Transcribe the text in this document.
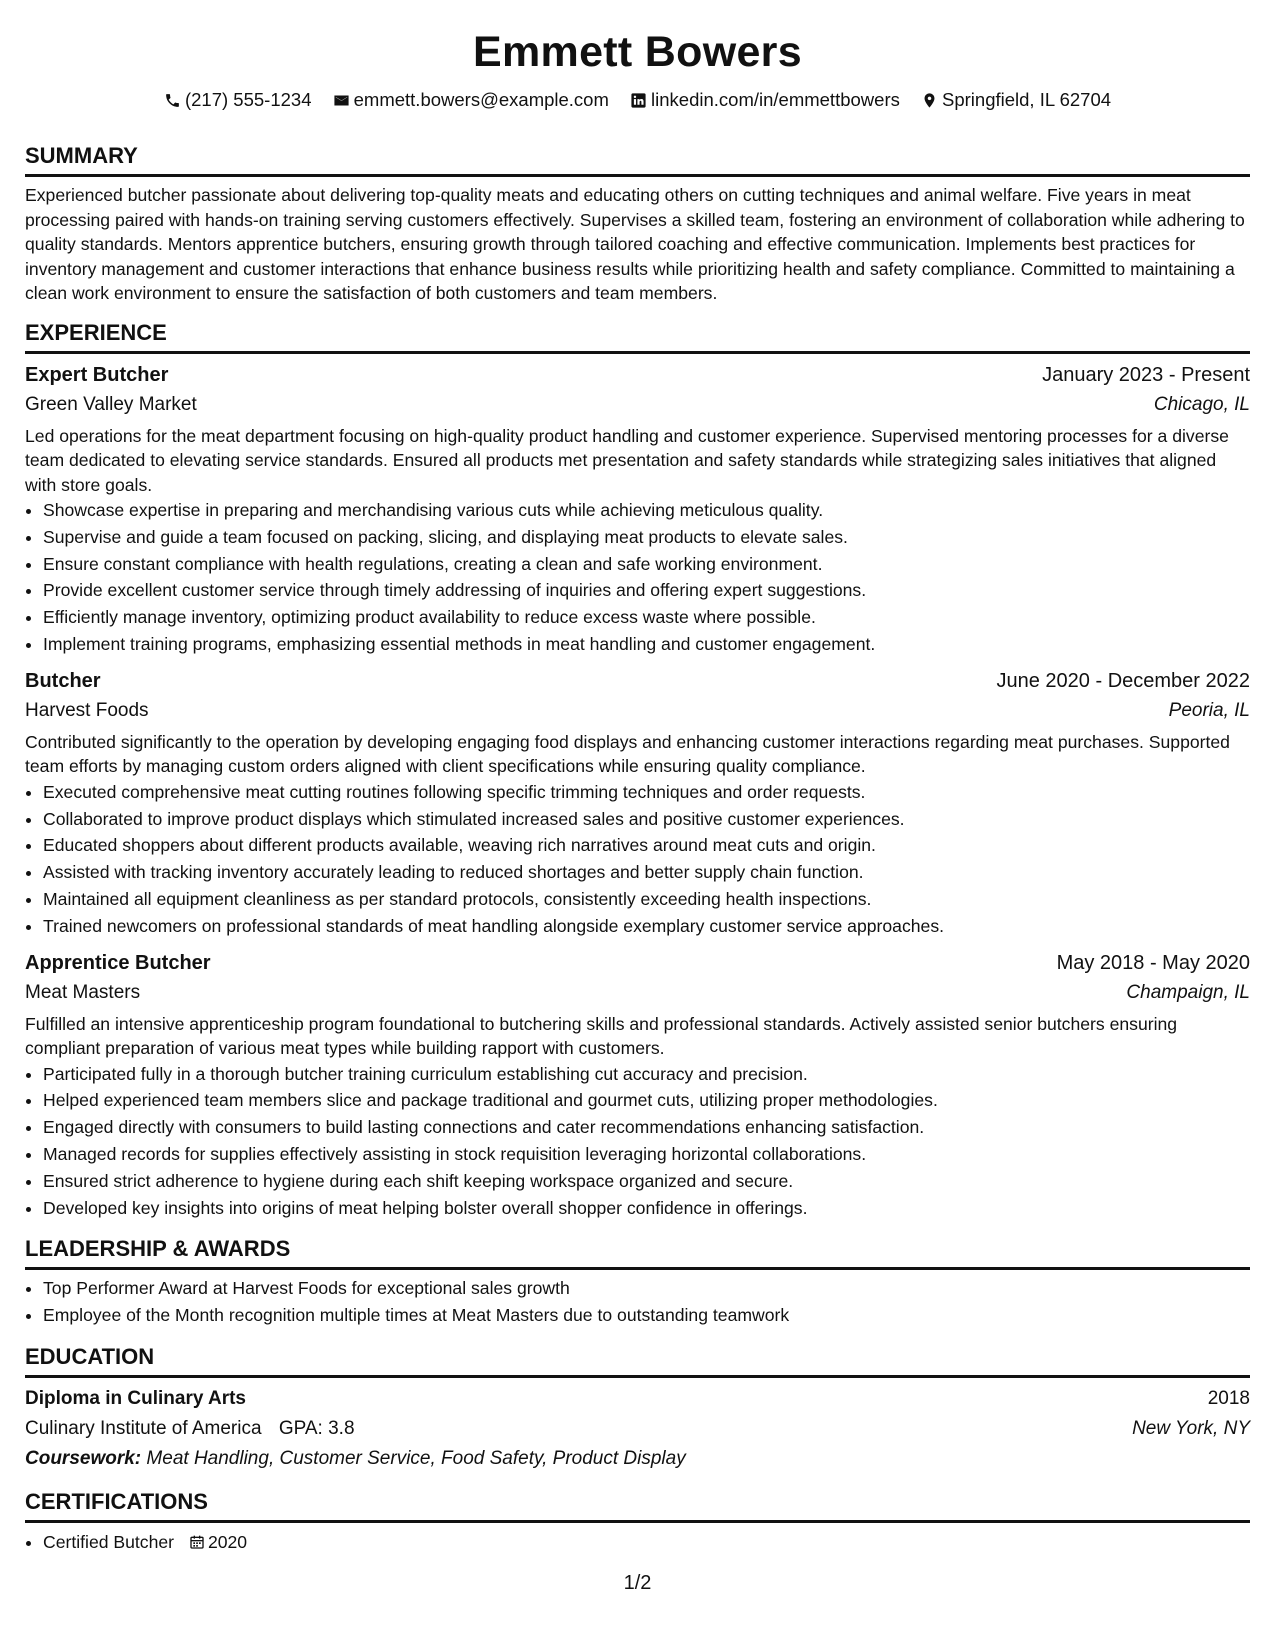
Emmett Bowers
(217) 555-1234 emmett.bowers@example.com linkedin.com/in/emmettbowers Springfield, IL 62704
SUMMARY

Experienced butcher passionate about delivering top-quality meats and educating others on cutting techniques and animal welfare. Five years in meat processing paired with hands-on training serving customers effectively. Supervises a skilled team, fostering an environment of collaboration while adhering to quality standards. Mentors apprentice butchers, ensuring growth through tailored coaching and effective communication. Implements best practices for inventory management and customer interactions that enhance business results while prioritizing health and safety compliance. Committed to maintaining a clean work environment to ensure the satisfaction of both customers and team members.

EXPERIENCE
Expert Butcher	January 2023 - Present
Green Valley Market	Chicago, IL

Led operations for the meat department focusing on high-quality product handling and customer experience. Supervised mentoring processes for a diverse team dedicated to elevating service standards. Ensured all products met presentation and safety standards while strategizing sales initiatives that aligned with store goals.

• Showcase expertise in preparing and merchandising various cuts while achieving meticulous quality.
• Supervise and guide a team focused on packing, slicing, and displaying meat products to elevate sales.
• Ensure constant compliance with health regulations, creating a clean and safe working environment.
• Provide excellent customer service through timely addressing of inquiries and offering expert suggestions.
• Efficiently manage inventory, optimizing product availability to reduce excess waste where possible.
• Implement training programs, emphasizing essential methods in meat handling and customer engagement.
Butcher	June 2020 - December 2022
Harvest Foods	Peoria, IL

Contributed significantly to the operation by developing engaging food displays and enhancing customer interactions regarding meat purchases. Supported team efforts by managing custom orders aligned with client specifications while ensuring quality compliance.

• Executed comprehensive meat cutting routines following specific trimming techniques and order requests.
• Collaborated to improve product displays which stimulated increased sales and positive customer experiences.
• Educated shoppers about different products available, weaving rich narratives around meat cuts and origin.
• Assisted with tracking inventory accurately leading to reduced shortages and better supply chain function.
• Maintained all equipment cleanliness as per standard protocols, consistently exceeding health inspections.
• Trained newcomers on professional standards of meat handling alongside exemplary customer service approaches.
Apprentice Butcher	May 2018 - May 2020
Meat Masters	Champaign, IL

Fulfilled an intensive apprenticeship program foundational to butchering skills and professional standards. Actively assisted senior butchers ensuring compliant preparation of various meat types while building rapport with customers.

• Participated fully in a thorough butcher training curriculum establishing cut accuracy and precision.
• Helped experienced team members slice and package traditional and gourmet cuts, utilizing proper methodologies.
• Engaged directly with consumers to build lasting connections and cater recommendations enhancing satisfaction.
• Managed records for supplies effectively assisting in stock requisition leveraging horizontal collaborations.
• Ensured strict adherence to hygiene during each shift keeping workspace organized and secure.
• Developed key insights into origins of meat helping bolster overall shopper confidence in offerings.
LEADERSHIP & AWARDS
• Top Performer Award at Harvest Foods for exceptional sales growth
• Employee of the Month recognition multiple times at Meat Masters due to outstanding teamwork
EDUCATION
Diploma in Culinary Arts	2018
Culinary Institute of America GPA: 3.8	New York, NY
Coursework: Meat Handling, Customer Service, Food Safety, Product Display
CERTIFICATIONS
• Certified Butcher 2020
1/2
